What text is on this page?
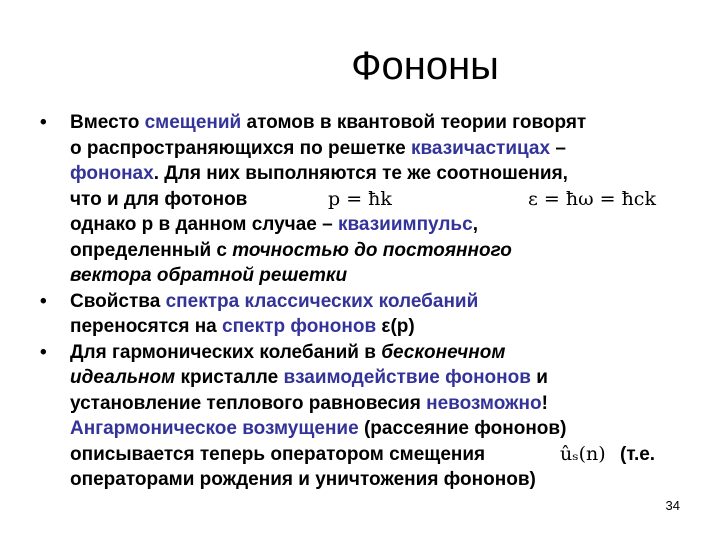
Фононы
• Вместо смещений атомов в квантовой теории говорят
о распространяющихся по решетке квазичастицах –
фононах. Для них выполняются те же соотношения,
что и для фотонов	p = ħk	ε = ħω = ħck
однако p в данном случае – квазиимпульс,
определенный с точностью до постоянного
вектора обратной решетки
• Свойства спектра классических колебаний
переносятся на спектр фононов ε(p)
• Для гармонических колебаний в бесконечном
идеальном кристалле взаимодействие фононов и
установление теплового равновесия невозможно!
Ангармоническое возмущение (рассеяние фононов)
описывается теперь оператором смещения	ûₛ(n) (т.е.
операторами рождения и уничтожения фононов)
34
